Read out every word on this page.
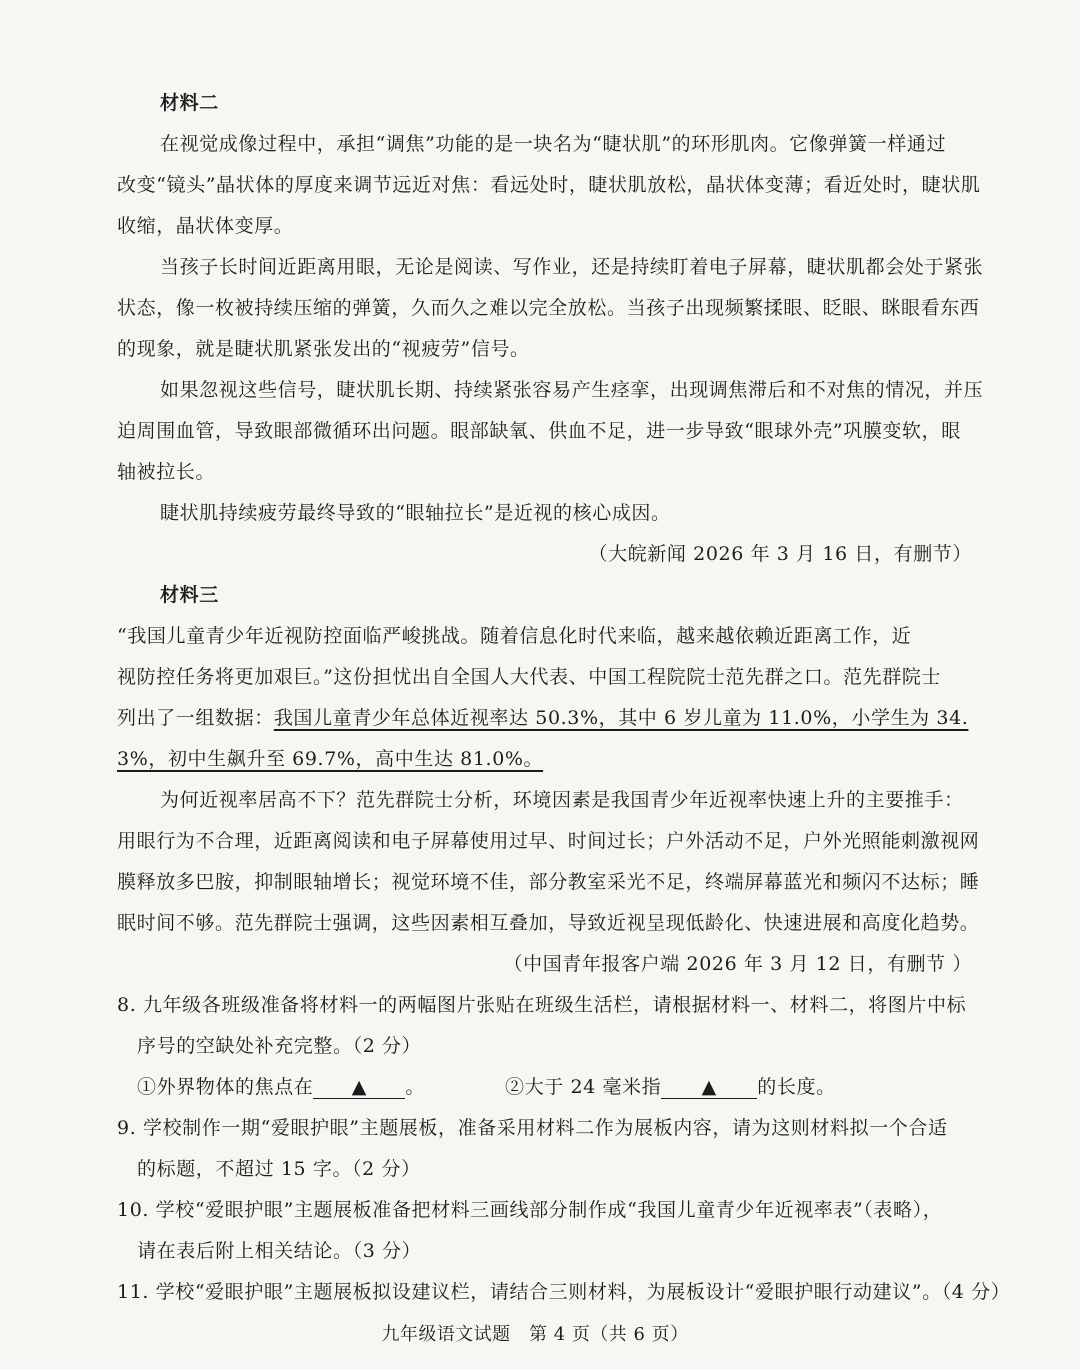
材料二
在视觉成像过程中，承担“调焦”功能的是一块名为“睫状肌”的环形肌肉。它像弹簧一样通过
改变“镜头”晶状体的厚度来调节远近对焦：看远处时，睫状肌放松，晶状体变薄；看近处时，睫状肌
收缩，晶状体变厚。
当孩子长时间近距离用眼，无论是阅读、写作业，还是持续盯着电子屏幕，睫状肌都会处于紧张
状态，像一枚被持续压缩的弹簧，久而久之难以完全放松。当孩子出现频繁揉眼、眨眼、眯眼看东西
的现象，就是睫状肌紧张发出的“视疲劳”信号。
如果忽视这些信号，睫状肌长期、持续紧张容易产生痉挛，出现调焦滞后和不对焦的情况，并压
迫周围血管，导致眼部微循环出问题。眼部缺氧、供血不足，进一步导致“眼球外壳”巩膜变软，眼
轴被拉长。
睫状肌持续疲劳最终导致的“眼轴拉长”是近视的核心成因。
（大皖新闻 2026 年 3 月 16 日，有删节）
材料三
“我国儿童青少年近视防控面临严峻挑战。随着信息化时代来临，越来越依赖近距离工作，近
视防控任务将更加艰巨。”这份担忧出自全国人大代表、中国工程院院士范先群之口。范先群院士
列出了一组数据：我国儿童青少年总体近视率达 50.3%，其中 6 岁儿童为 11.0%，小学生为 34.
3%，初中生飙升至 69.7%，高中生达 81.0%。
为何近视率居高不下？范先群院士分析，环境因素是我国青少年近视率快速上升的主要推手：
用眼行为不合理，近距离阅读和电子屏幕使用过早、时间过长；户外活动不足，户外光照能刺激视网
膜释放多巴胺，抑制眼轴增长；视觉环境不佳，部分教室采光不足，终端屏幕蓝光和频闪不达标；睡
眠时间不够。范先群院士强调，这些因素相互叠加，导致近视呈现低龄化、快速进展和高度化趋势。
（中国青年报客户端 2026 年 3 月 12 日，有删节 ）
8. 九年级各班级准备将材料一的两幅图片张贴在班级生活栏，请根据材料一、材料二，将图片中标
序号的空缺处补充完整。（2 分）
①外界物体的焦点在 ▲ 。	②大于 24 毫米指 ▲ 的长度。
9. 学校制作一期“爱眼护眼”主题展板，准备采用材料二作为展板内容，请为这则材料拟一个合适
的标题，不超过 15 字。（2 分）
10. 学校“爱眼护眼”主题展板准备把材料三画线部分制作成“我国儿童青少年近视率表”（表略），
请在表后附上相关结论。（3 分）
11. 学校“爱眼护眼”主题展板拟设建议栏，请结合三则材料，为展板设计“爱眼护眼行动建议”。（4 分）
九年级语文试题　第 4 页（共 6 页）
